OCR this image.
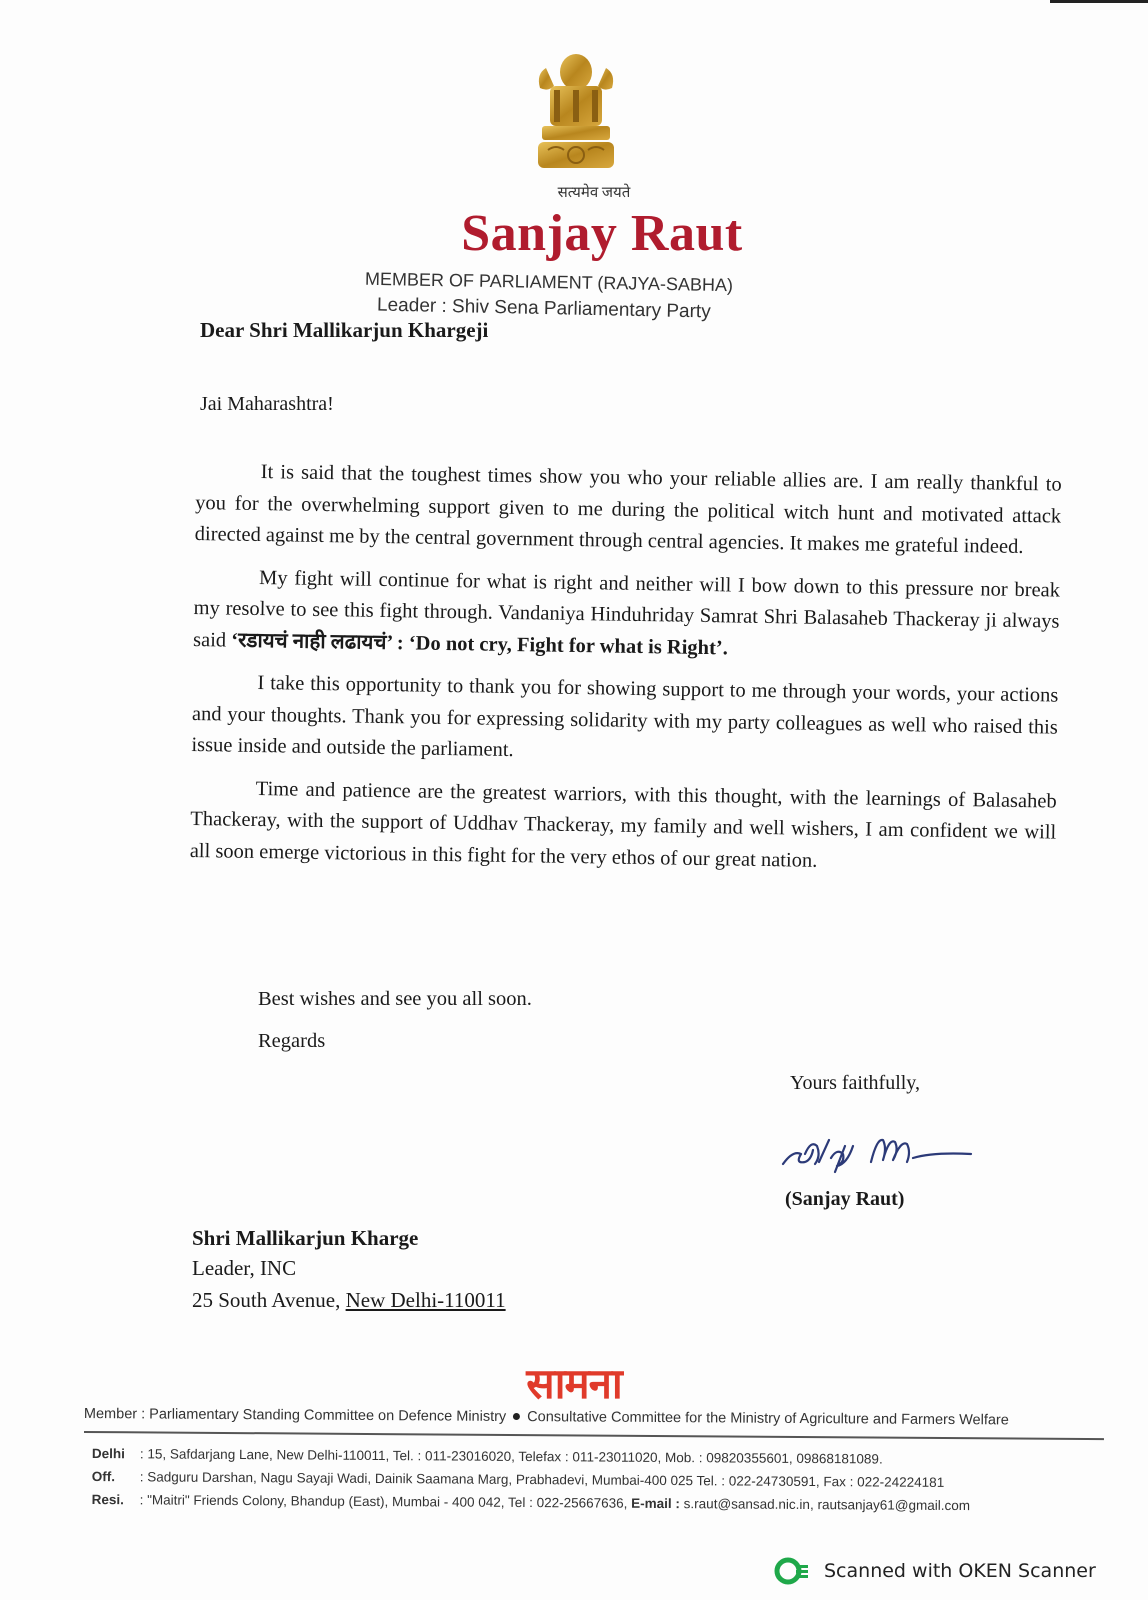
सत्यमेव जयते
Sanjay Raut
MEMBER OF PARLIAMENT (RAJYA-SABHA)
Leader : Shiv Sena Parliamentary Party
Dear Shri Mallikarjun Khargeji
Jai Maharashtra!

It is said that the toughest times show you who your reliable allies are. I am really thankful to you for the overwhelming support given to me during the political witch hunt and motivated attack directed against me by the central government through central agencies. It makes me grateful indeed.

My fight will continue for what is right and neither will I bow down to this pressure nor break my resolve to see this fight through. Vandaniya Hinduhriday Samrat Shri Balasaheb Thackeray ji always said ‘रडायचं नाही लढायचं’ : ‘Do not cry, Fight for what is Right’.

I take this opportunity to thank you for showing support to me through your words, your actions and your thoughts. Thank you for expressing solidarity with my party colleagues as well who raised this issue inside and outside the parliament.

Time and patience are the greatest warriors, with this thought, with the learnings of Balasaheb Thackeray, with the support of Uddhav Thackeray, my family and well wishers, I am confident we will all soon emerge victorious in this fight for the very ethos of our great nation.

Best wishes and see you all soon.
Regards
Yours faithfully,
(Sanjay Raut)
Shri Mallikarjun Kharge
Leader, INC
25 South Avenue, New Delhi-110011
सामना
Member : Parliamentary Standing Committee on Defence Ministry Consultative Committee for the Ministry of Agriculture and Farmers Welfare
Delhi : 15, Safdarjang Lane, New Delhi-110011, Tel. : 011-23016020, Telefax : 011-23011020, Mob. : 09820355601, 09868181089.
Off. : Sadguru Darshan, Nagu Sayaji Wadi, Dainik Saamana Marg, Prabhadevi, Mumbai-400 025 Tel. : 022-24730591, Fax : 022-24224181
Resi. : "Maitri" Friends Colony, Bhandup (East), Mumbai - 400 042, Tel : 022-25667636, E-mail : s.raut@sansad.nic.in, rautsanjay61@gmail.com
Scanned with OKEN Scanner
